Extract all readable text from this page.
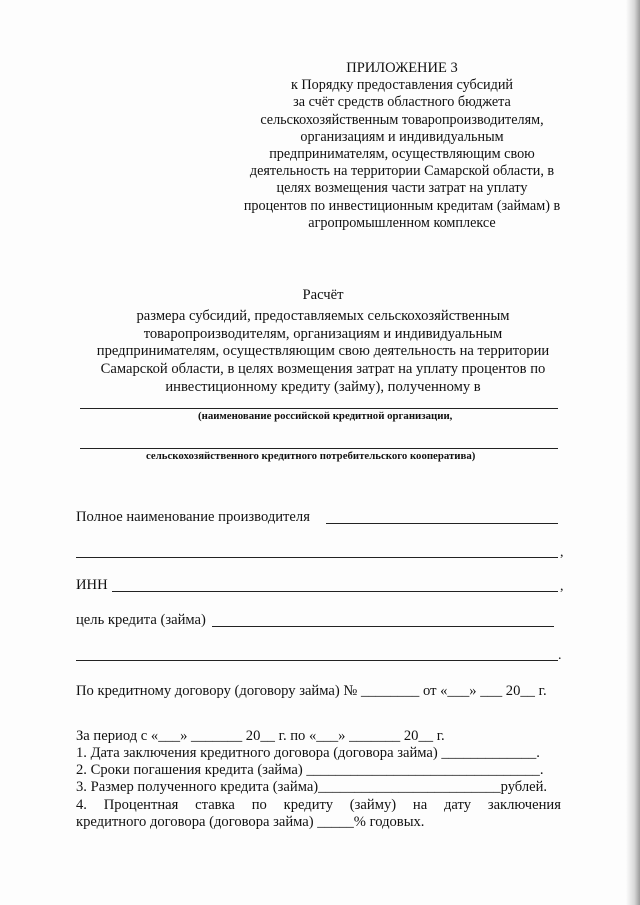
ПРИЛОЖЕНИЕ 3
к Порядку предоставления субсидий
за счёт средств областного бюджета
сельскохозяйственным товаропроизводителям,
организациям и индивидуальным
предпринимателям, осуществляющим свою
деятельность на территории Самарской области, в
целях возмещения части затрат на уплату
процентов по инвестиционным кредитам (займам) в
агропромышленном комплексе
Расчёт
размера субсидий, предоставляемых сельскохозяйственным
товаропроизводителям, организациям и индивидуальным
предпринимателям, осуществляющим свою деятельность на территории
Самарской области, в целях возмещения затрат на уплату процентов по
инвестиционному кредиту (займу), полученному в
(наименование российской кредитной организации,
сельскохозяйственного кредитного потребительского кооператива)
Полное наименование производителя
,
ИНН	,
цель кредита (займа)
.
По кредитному договору (договору займа) № ________ от «___» ___ 20__ г.
За период с «___» _______ 20__ г. по «___» _______ 20__ г.
1. Дата заключения кредитного договора (договора займа) _____________.
2. Сроки погашения кредита (займа) ________________________________.
3. Размер полученного кредита (займа)_________________________рублей.
4. Процентная ставка по кредиту (займу) на дату заключения
кредитного договора (договора займа) _____% годовых.
